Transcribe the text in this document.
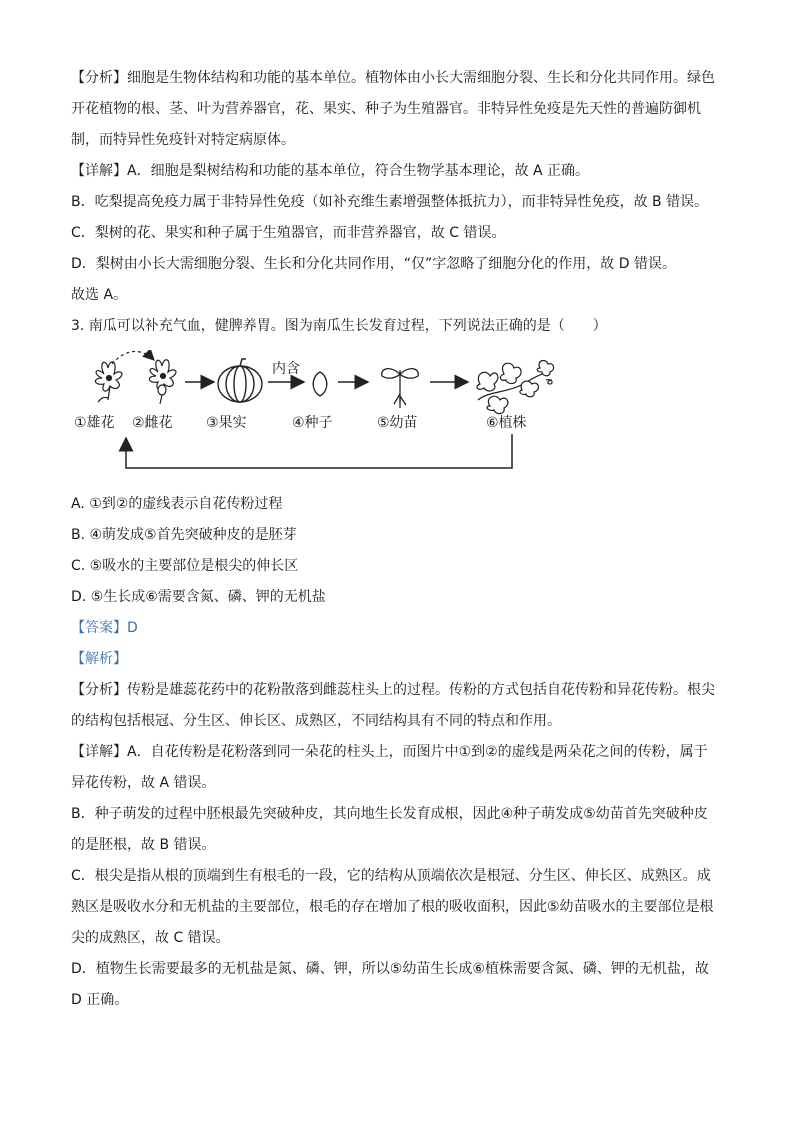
【分析】细胞是生物体结构和功能的基本单位。植物体由小长大需细胞分裂、生长和分化共同作用。绿色
开花植物的根、茎、叶为营养器官，花、果实、种子为生殖器官。非特异性免疫是先天性的普遍防御机
制，而特异性免疫针对特定病原体。
【详解】A．细胞是梨树结构和功能的基本单位，符合生物学基本理论，故 A 正确。
B．吃梨提高免疫力属于非特异性免疫（如补充维生素增强整体抵抗力），而非特异性免疫，故 B 错误。
C．梨树的花、果实和种子属于生殖器官，而非营养器官，故 C 错误。
D．梨树由小长大需细胞分裂、生长和分化共同作用，“仅”字忽略了细胞分化的作用，故 D 错误。
故选 A。
3. 南瓜可以补充气血，健脾养胃。图为南瓜生长发育过程，下列说法正确的是（　　）
内含
①雄花 ②雌花 ③果实	④种子	⑤幼苗	⑥植株
A. ①到②的虚线表示自花传粉过程
B. ④萌发成⑤首先突破种皮的是胚芽
C. ⑤吸水的主要部位是根尖的伸长区
D. ⑤生长成⑥需要含氮、磷、钾的无机盐
【答案】D
【解析】
【分析】传粉是雄蕊花药中的花粉散落到雌蕊柱头上的过程。传粉的方式包括自花传粉和异花传粉。根尖
的结构包括根冠、分生区、伸长区、成熟区，不同结构具有不同的特点和作用。
【详解】A．自花传粉是花粉落到同一朵花的柱头上，而图片中①到②的虚线是两朵花之间的传粉，属于
异花传粉，故 A 错误。
B．种子萌发的过程中胚根最先突破种皮，其向地生长发育成根，因此④种子萌发成⑤幼苗首先突破种皮
的是胚根，故 B 错误。
C．根尖是指从根的顶端到生有根毛的一段，它的结构从顶端依次是根冠、分生区、伸长区、成熟区。成
熟区是吸收水分和无机盐的主要部位，根毛的存在增加了根的吸收面积，因此⑤幼苗吸水的主要部位是根
尖的成熟区，故 C 错误。
D．植物生长需要最多的无机盐是氮、磷、钾，所以⑤幼苗生长成⑥植株需要含氮、磷、钾的无机盐，故
D 正确。
